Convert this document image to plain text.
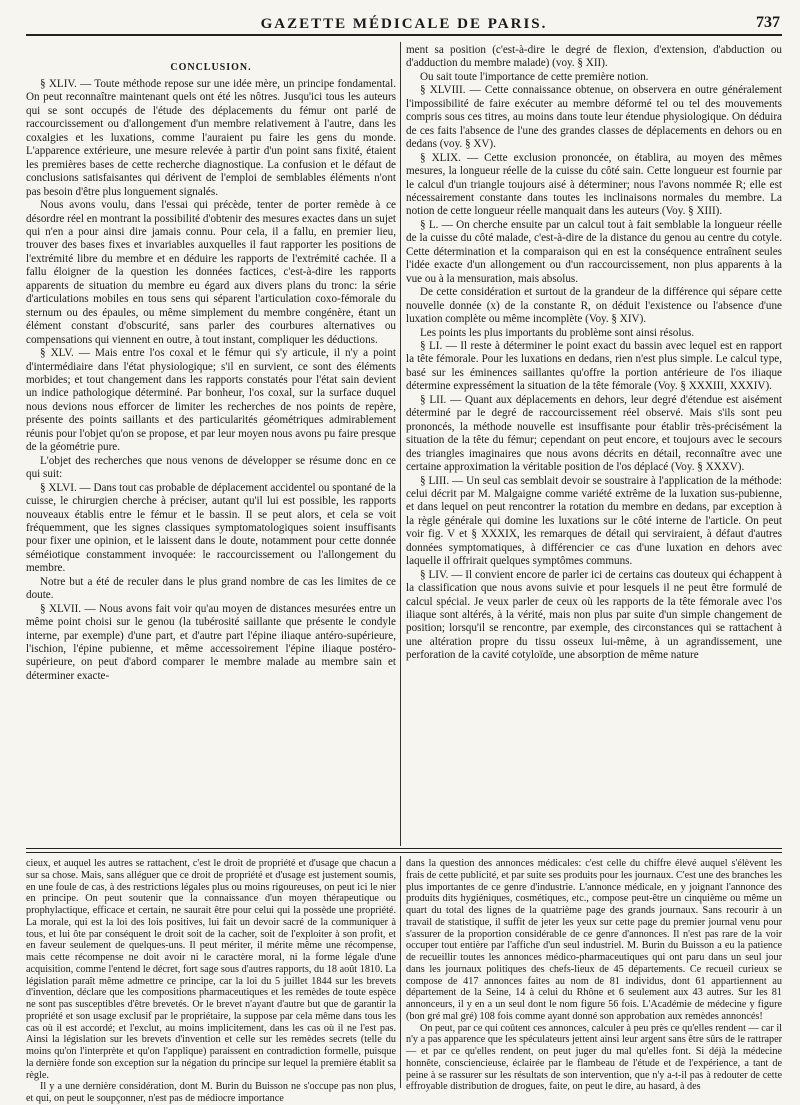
GAZETTE MÉDICALE DE PARIS.	737
CONCLUSION.

§ XLIV. — Toute méthode repose sur une idée mère, un principe fondamental. On peut reconnaître maintenant quels ont été les nôtres. Jusqu'ici tous les auteurs qui se sont occupés de l'étude des déplacements du fémur ont parlé de raccourcissement ou d'allongement d'un membre relativement à l'autre, dans les coxalgies et les luxations, comme l'auraient pu faire les gens du monde. L'apparence extérieure, une mesure relevée à partir d'un point sans fixité, étaient les premières bases de cette recherche diagnostique. La confusion et le défaut de conclusions satisfaisantes qui dérivent de l'emploi de semblables éléments n'ont pas besoin d'être plus longuement signalés.

Nous avons voulu, dans l'essai qui précède, tenter de porter remède à ce désordre réel en montrant la possibilité d'obtenir des mesures exactes dans un sujet qui n'en a pour ainsi dire jamais connu. Pour cela, il a fallu, en premier lieu, trouver des bases fixes et invariables auxquelles il faut rapporter les positions de l'extrémité libre du membre et en déduire les rapports de l'extrémité cachée. Il a fallu éloigner de la question les données factices, c'est-à-dire les rapports apparents de situation du membre eu égard aux divers plans du tronc: la série d'articulations mobiles en tous sens qui séparent l'articulation coxo-fémorale du sternum ou des épaules, ou même simplement du membre congénère, étant un élément constant d'obscurité, sans parler des courbures alternatives ou compensations qui viennent en outre, à tout instant, compliquer les déductions.

§ XLV. — Mais entre l'os coxal et le fémur qui s'y articule, il n'y a point d'intermédiaire dans l'état physiologique; s'il en survient, ce sont des éléments morbides; et tout changement dans les rapports constatés pour l'état sain devient un indice pathologique déterminé. Par bonheur, l'os coxal, sur la surface duquel nous devions nous efforcer de limiter les recherches de nos points de repère, présente des points saillants et des particularités géométriques admirablement réunis pour l'objet qu'on se propose, et par leur moyen nous avons pu faire presque de la géométrie pure.

L'objet des recherches que nous venons de développer se résume donc en ce qui suit:

§ XLVI. — Dans tout cas probable de déplacement accidentel ou spontané de la cuisse, le chirurgien cherche à préciser, autant qu'il lui est possible, les rapports nouveaux établis entre le fémur et le bassin. Il se peut alors, et cela se voit fréquemment, que les signes classiques symptomatologiques soient insuffisants pour fixer une opinion, et le laissent dans le doute, notamment pour cette donnée séméiotique constamment invoquée: le raccourcissement ou l'allongement du membre.

Notre but a été de reculer dans le plus grand nombre de cas les limites de ce doute.

§ XLVII. — Nous avons fait voir qu'au moyen de distances mesurées entre un même point choisi sur le genou (la tubérosité saillante que présente le condyle interne, par exemple) d'une part, et d'autre part l'épine iliaque antéro-supérieure, l'ischion, l'épine pubienne, et même accessoirement l'épine iliaque postéro-supérieure, on peut d'abord comparer le membre malade au membre sain et déterminer exacte-

ment sa position (c'est-à-dire le degré de flexion, d'extension, d'abduction ou d'adduction du membre malade) (voy. § XII).

Ou sait toute l'importance de cette première notion.

§ XLVIII. — Cette connaissance obtenue, on observera en outre généralement l'impossibilité de faire exécuter au membre déformé tel ou tel des mouvements compris sous ces titres, au moins dans toute leur étendue physiologique. On déduira de ces faits l'absence de l'une des grandes classes de déplacements en dehors ou en dedans (voy. § XV).

§ XLIX. — Cette exclusion prononcée, on établira, au moyen des mêmes mesures, la longueur réelle de la cuisse du côté sain. Cette longueur est fournie par le calcul d'un triangle toujours aisé à déterminer; nous l'avons nommée R; elle est nécessairement constante dans toutes les inclinaisons normales du membre. La notion de cette longueur réelle manquait dans les auteurs (Voy. § XIII).

§ L. — On cherche ensuite par un calcul tout à fait semblable la longueur réelle de la cuisse du côté malade, c'est-à-dire de la distance du genou au centre du cotyle. Cette détermination et la comparaison qui en est la conséquence entraînent seules l'idée exacte d'un allongement ou d'un raccourcissement, non plus apparents à la vue ou à la mensuration, mais absolus.

De cette considération et surtout de la grandeur de la différence qui sépare cette nouvelle donnée (x) de la constante R, on déduit l'existence ou l'absence d'une luxation complète ou même incomplète (Voy. § XIV).

Les points les plus importants du problème sont ainsi résolus.

§ LI. — Il reste à déterminer le point exact du bassin avec lequel est en rapport la tête fémorale. Pour les luxations en dedans, rien n'est plus simple. Le calcul type, basé sur les éminences saillantes qu'offre la portion antérieure de l'os iliaque détermine expressément la situation de la tête fémorale (Voy. § XXXIII, XXXIV).

§ LII. — Quant aux déplacements en dehors, leur degré d'étendue est aisément déterminé par le degré de raccourcissement réel observé. Mais s'ils sont peu prononcés, la méthode nouvelle est insuffisante pour établir très-précisément la situation de la tête du fémur; cependant on peut encore, et toujours avec le secours des triangles imaginaires que nous avons décrits en détail, reconnaître avec une certaine approximation la véritable position de l'os déplacé (Voy. § XXXV).

§ LIII. — Un seul cas semblait devoir se soustraire à l'application de la méthode: celui décrit par M. Malgaigne comme variété extrême de la luxation sus-pubienne, et dans lequel on peut rencontrer la rotation du membre en dedans, par exception à la règle générale qui domine les luxations sur le côté interne de l'article. On peut voir fig. V et § XXXIX, les remarques de détail qui serviraient, à défaut d'autres données symptomatiques, à différencier ce cas d'une luxation en dehors avec laquelle il offrirait quelques symptômes communs.

§ LIV. — Il convient encore de parler ici de certains cas douteux qui échappent à la classification que nous avons suivie et pour lesquels il ne peut être formulé de calcul spécial. Je veux parler de ceux où les rapports de la tête fémorale avec l'os iliaque sont altérés, à la vérité, mais non plus par suite d'un simple changement de position; lorsqu'il se rencontre, par exemple, des circonstances qui se rattachent à une altération propre du tissu osseux lui-même, à un agrandissement, une perforation de la cavité cotyloïde, une absorption de même nature

cieux, et auquel les autres se rattachent, c'est le droit de propriété et d'usage que chacun a sur sa chose. Mais, sans alléguer que ce droit de propriété et d'usage est justement soumis, en une foule de cas, à des restrictions légales plus ou moins rigoureuses, on peut ici le nier en principe. On peut soutenir que la connaissance d'un moyen thérapeutique ou prophylactique, efficace et certain, ne saurait être pour celui qui la possède une propriété. La morale, qui est la loi des lois positives, lui fait un devoir sacré de la communiquer à tous, et lui ôte par conséquent le droit soit de la cacher, soit de l'exploiter à son profit, et en faveur seulement de quelques-uns. Il peut mériter, il mérite même une récompense, mais cette récompense ne doit avoir ni le caractère moral, ni la forme légale d'une acquisition, comme l'entend le décret, fort sage sous d'autres rapports, du 18 août 1810. La législation paraît même admettre ce principe, car la loi du 5 juillet 1844 sur les brevets d'invention, déclare que les compositions pharmaceutiques et les remèdes de toute espèce ne sont pas susceptibles d'être brevetés. Or le brevet n'ayant d'autre but que de garantir la propriété et son usage exclusif par le propriétaire, la suppose par cela même dans tous les cas où il est accordé; et l'exclut, au moins implicitement, dans les cas où il ne l'est pas. Ainsi la législation sur les brevets d'invention et celle sur les remèdes secrets (telle du moins qu'on l'interprète et qu'on l'applique) paraissent en contradiction formelle, puisque la dernière fonde son exception sur la négation du principe sur lequel la première établit sa règle.

Il y a une dernière considération, dont M. Burin du Buisson ne s'occupe pas non plus, et qui, on peut le soupçonner, n'est pas de médiocre importance

dans la question des annonces médicales: c'est celle du chiffre élevé auquel s'élèvent les frais de cette publicité, et par suite ses produits pour les journaux. C'est une des branches les plus importantes de ce genre d'industrie. L'annonce médicale, en y joignant l'annonce des produits dits hygiéniques, cosmétiques, etc., compose peut-être un cinquième ou même un quart du total des lignes de la quatrième page des grands journaux. Sans recourir à un travail de statistique, il suffit de jeter les yeux sur cette page du premier journal venu pour s'assurer de la proportion considérable de ce genre d'annonces. Il n'est pas rare de la voir occuper tout entière par l'affiche d'un seul industriel. M. Burin du Buisson a eu la patience de recueillir toutes les annonces médico-pharmaceutiques qui ont paru dans un seul jour dans les journaux politiques des chefs-lieux de 45 départements. Ce recueil curieux se compose de 417 annonces faites au nom de 81 individus, dont 61 appartiennent au département de la Seine, 14 à celui du Rhône et 6 seulement aux 43 autres. Sur les 81 annonceurs, il y en a un seul dont le nom figure 56 fois. L'Académie de médecine y figure (bon gré mal gré) 108 fois comme ayant donné son approbation aux remèdes annoncés!

On peut, par ce qui coûtent ces annonces, calculer à peu près ce qu'elles rendent — car il n'y a pas apparence que les spéculateurs jettent ainsi leur argent sans être sûrs de le rattraper — et par ce qu'elles rendent, on peut juger du mal qu'elles font. Si déjà la médecine honnête, consciencieuse, éclairée par le flambeau de l'étude et de l'expérience, a tant de peine à se rassurer sur les résultats de son intervention, que n'y a-t-il pas à redouter de cette effroyable distribution de drogues, faite, on peut le dire, au hasard, à des
